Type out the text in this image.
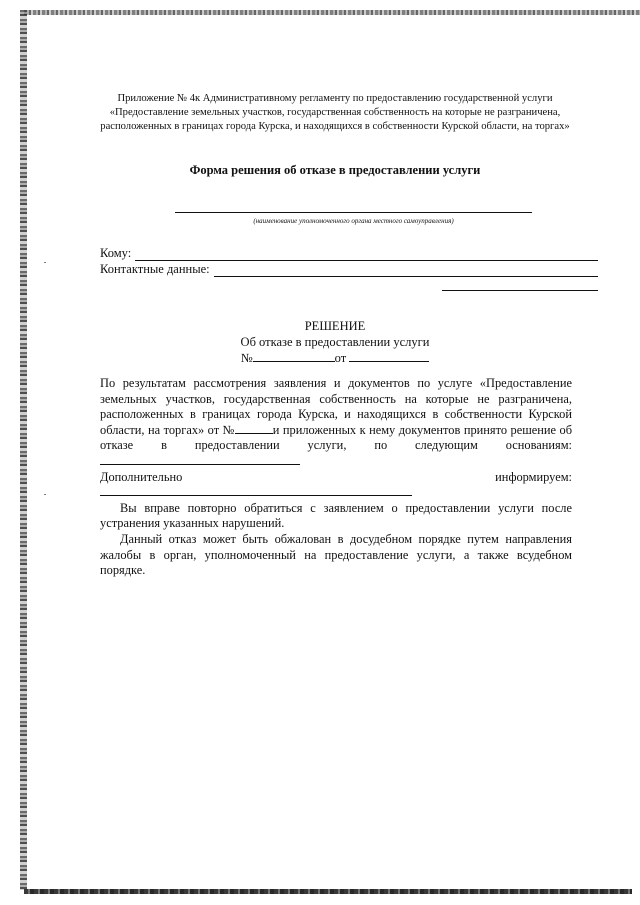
Приложение № 4к Административному регламенту по предоставлению государственной услуги «Предоставление земельных участков, государственная собственность на которые не разграничена, расположенных в границах города Курска, и находящихся в собственности Курской области, на торгах»
Форма решения об отказе в предоставлении услуги
(наименование уполномоченного органа местного самоуправления)
Кому:
Контактные данные:
РЕШЕНИЕ
Об отказе в предоставлении услуги
№	от

По результатам рассмотрения заявления и документов по услуге «Предоставление земельных участков, государственная собственность на которые не разграничена, расположенных в границах города Курска, и находящихся в собственности Курской области, на торгах» от №	и приложенных к нему документов принято решение об отказе в предоставлении услуги, по следующим основаниям:

Дополнительно информируем:

Вы вправе повторно обратиться с заявлением о предоставлении услуги после устранения указанных нарушений.

Данный отказ может быть обжалован в досудебном порядке путем направления жалобы в орган, уполномоченный на предоставление услуги, а также всудебном порядке.
